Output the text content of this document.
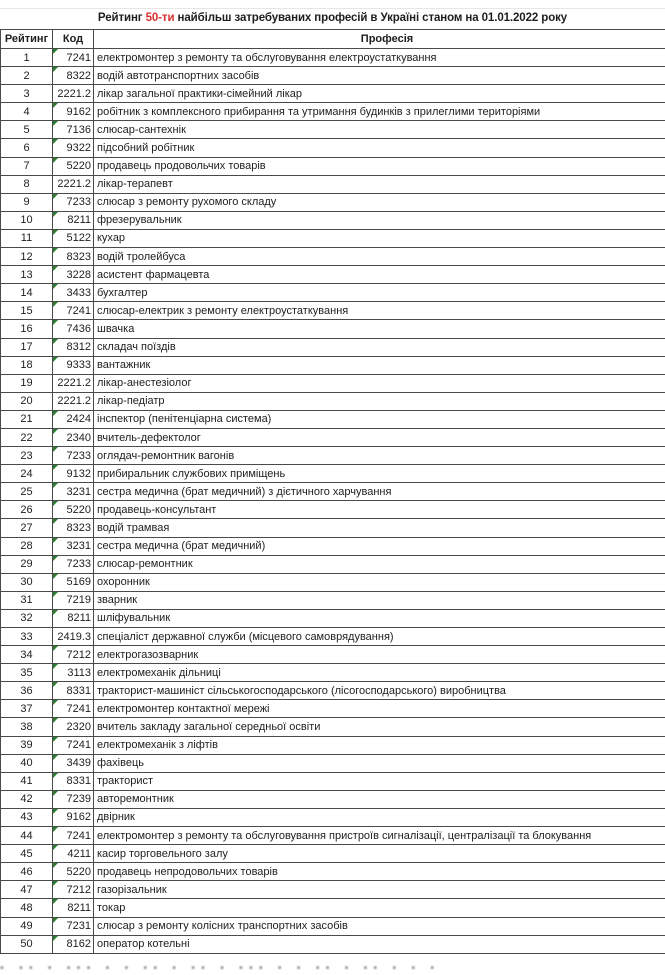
Рейтинг 50-ти найбільш затребуваних професій в Україні станом на 01.01.2022 року
Рейтинг	Код	Професія
1	7241	електромонтер з ремонту та обслуговування електроустаткування
2	8322	водій автотранспортних засобів
3	2221.2	лікар загальної практики-сімейний лікар
4	9162	робітник з комплексного прибирання та утримання будинків з прилеглими територіями
5	7136	слюсар-сантехнік
6	9322	підсобний робітник
7	5220	продавець продовольчих товарів
8	2221.2	лікар-терапевт
9	7233	слюсар з ремонту рухомого складу
10	8211	фрезерувальник
11	5122	кухар
12	8323	водій тролейбуса
13	3228	асистент фармацевта
14	3433	бухгалтер
15	7241	слюсар-електрик з ремонту електроустаткування
16	7436	швачка
17	8312	складач поїздів
18	9333	вантажник
19	2221.2	лікар-анестезіолог
20	2221.2	лікар-педіатр
21	2424	інспектор (пенітенціарна система)
22	2340	вчитель-дефектолог
23	7233	оглядач-ремонтник вагонів
24	9132	прибиральник службових приміщень
25	3231	сестра медична (брат медичний) з дієтичного харчування
26	5220	продавець-консультант
27	8323	водій трамвая
28	3231	сестра медична (брат медичний)
29	7233	слюсар-ремонтник
30	5169	охоронник
31	7219	зварник
32	8211	шліфувальник
33	2419.3	спеціаліст державної служби (місцевого самоврядування)
34	7212	електрогазозварник
35	3113	електромеханік дільниці
36	8331	тракторист-машиніст сільськогосподарського (лісогосподарського) виробництва
37	7241	електромонтер контактної мережі
38	2320	вчитель закладу загальної середньої освіти
39	7241	електромеханік з ліфтів
40	3439	фахівець
41	8331	тракторист
42	7239	авторемонтник
43	9162	двірник
44	7241	електромонтер з ремонту та обслуговування пристроїв сигналізації, централізації та блокування
45	4211	касир торговельного залу
46	5220	продавець непродовольчих товарів
47	7212	газорізальник
48	8211	токар
49	7231	слюсар з ремонту колісних транспортних засобів
50	8162	оператор котельні
▪ ▪▪ ▪ ▪▪▪ ▪ ▪ ▪▪ ▪ ▪▪ ▪ ▪▪▪ ▪ ▪ ▪▪ ▪ ▪▪ ▪ ▪ ▪
